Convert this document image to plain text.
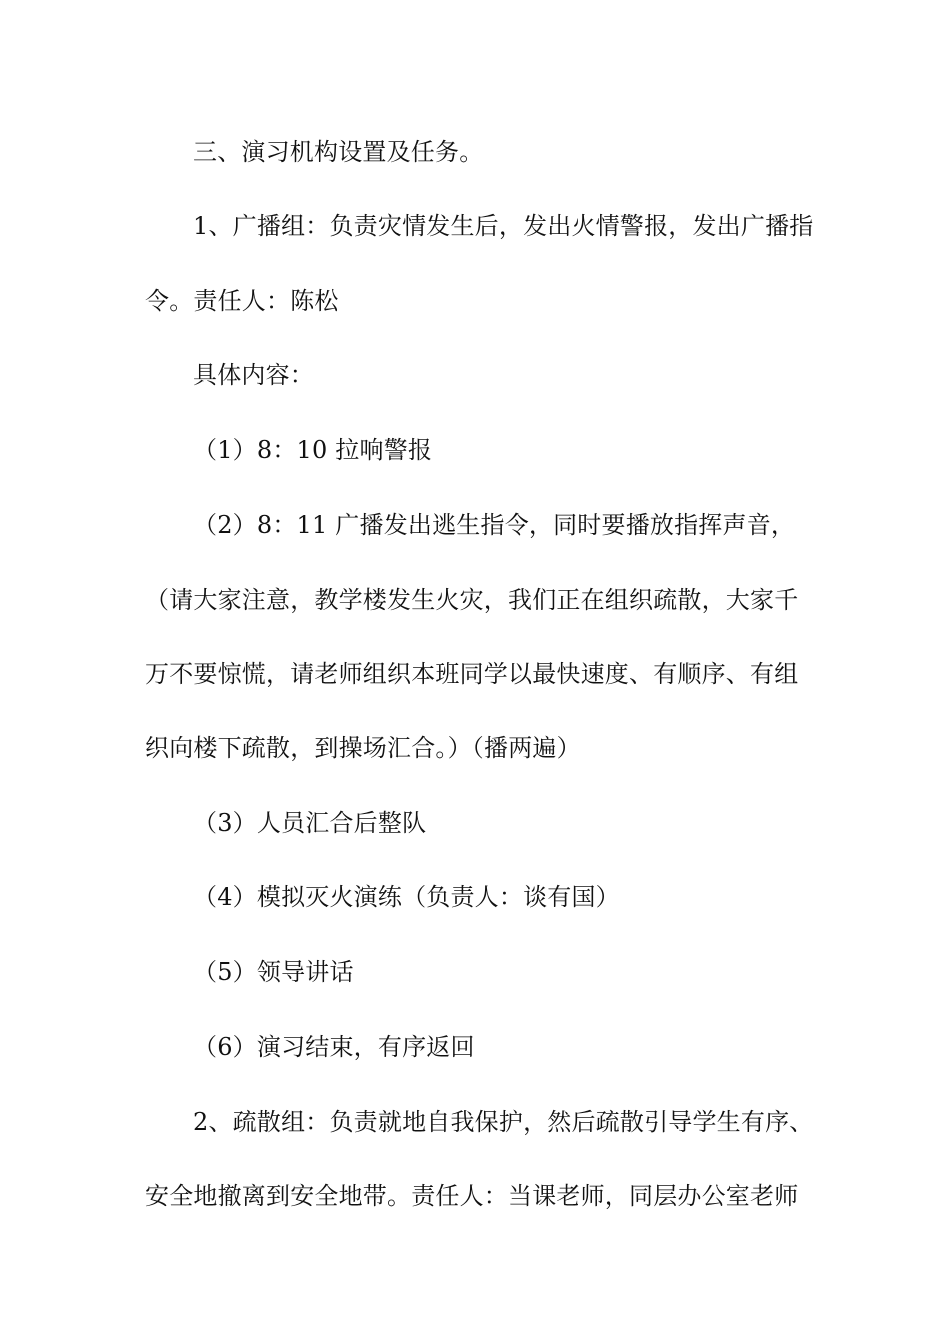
三、演习机构设置及任务。
1、广播组：负责灾情发生后，发出火情警报，发出广播指
令。责任人：陈松
具体内容：
（1）8：10 拉响警报
（2）8：11 广播发出逃生指令，同时要播放指挥声音，
（请大家注意，教学楼发生火灾，我们正在组织疏散，大家千
万不要惊慌，请老师组织本班同学以最快速度、有顺序、有组
织向楼下疏散，到操场汇合。）（播两遍）
（3）人员汇合后整队
（4）模拟灭火演练（负责人：谈有国）
（5）领导讲话
（6）演习结束，有序返回
2、疏散组：负责就地自我保护，然后疏散引导学生有序、
安全地撤离到安全地带。责任人：当课老师，同层办公室老师
